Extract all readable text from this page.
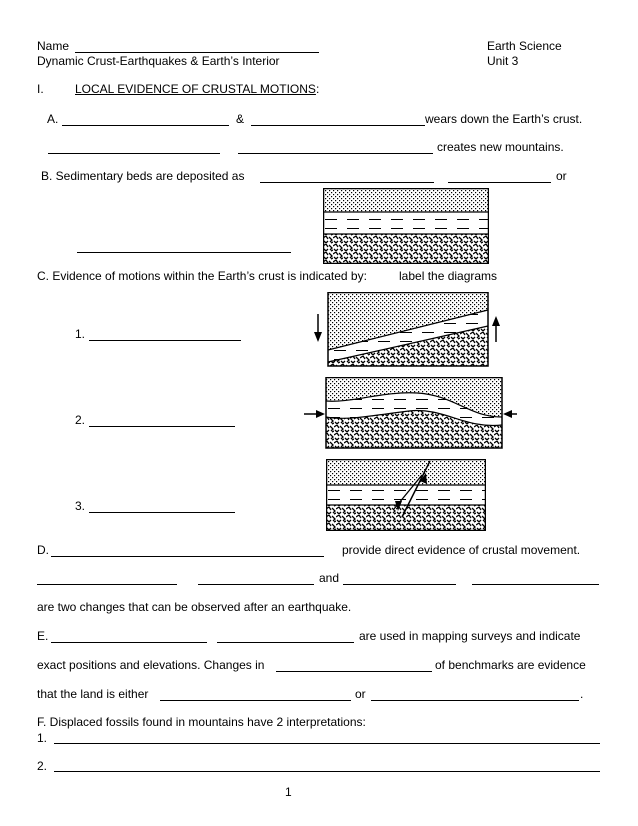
Name	Earth Science
Dynamic Crust-Earthquakes & Earth’s Interior	Unit 3
I.	LOCAL EVIDENCE OF CRUSTAL MOTIONS:
A.	&	wears down the Earth’s crust.
creates new mountains.
B. Sedimentary beds are deposited as	or
C. Evidence of motions within the Earth’s crust is indicated by:	label the diagrams
1.
2.
3.
D.	provide direct evidence of crustal movement.
and
are two changes that can be observed after an earthquake.
E.	are used in mapping surveys and indicate
exact positions and elevations. Changes in	of benchmarks are evidence
that the land is either	or	.
F. Displaced fossils found in mountains have 2 interpretations:
1.
2.
1
